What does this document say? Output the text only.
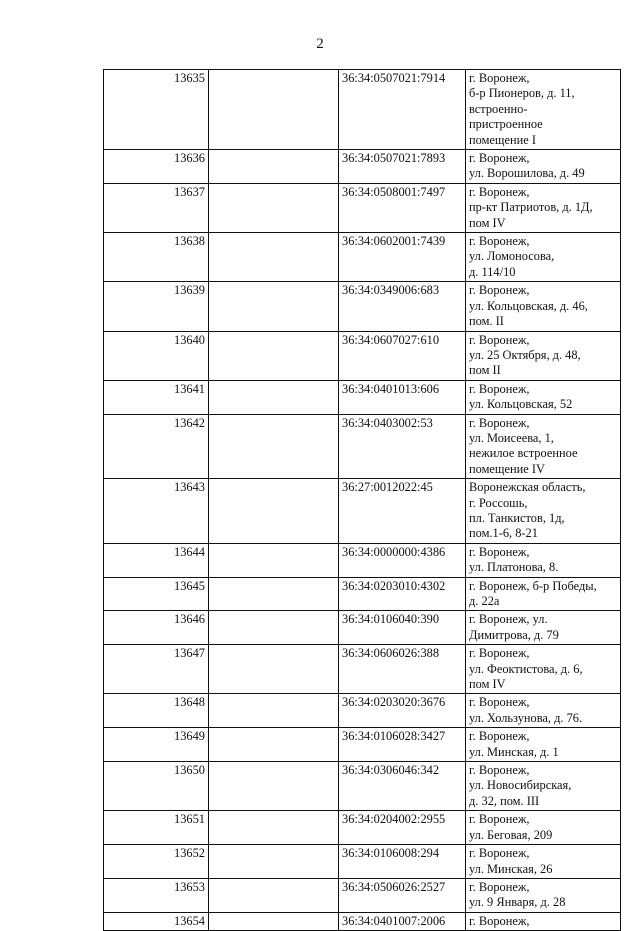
2
13635		36:34:0507021:7914	г. Воронеж,
б-р Пионеров, д. 11,
встроенно-
пристроенное
помещение I
13636		36:34:0507021:7893	г. Воронеж,
ул. Ворошилова, д. 49
13637		36:34:0508001:7497	г. Воронеж,
пр-кт Патриотов, д. 1Д,
пом IV
13638		36:34:0602001:7439	г. Воронеж,
ул. Ломоносова,
д. 114/10
13639		36:34:0349006:683	г. Воронеж,
ул. Кольцовская, д. 46,
пом. II
13640		36:34:0607027:610	г. Воронеж,
ул. 25 Октября, д. 48,
пом II
13641		36:34:0401013:606	г. Воронеж,
ул. Кольцовская, 52
13642		36:34:0403002:53	г. Воронеж,
ул. Моисеева, 1,
нежилое встроенное
помещение IV
13643		36:27:0012022:45	Воронежская область,
г. Россошь,
пл. Танкистов, 1д,
пом.1-6, 8-21
13644		36:34:0000000:4386	г. Воронеж,
ул. Платонова, 8.
13645		36:34:0203010:4302	г. Воронеж, б-р Победы,
д. 22а
13646		36:34:0106040:390	г. Воронеж, ул.
Димитрова, д. 79
13647		36:34:0606026:388	г. Воронеж,
ул. Феоктистова, д. 6,
пом IV
13648		36:34:0203020:3676	г. Воронеж,
ул. Хользунова, д. 76.
13649		36:34:0106028:3427	г. Воронеж,
ул. Минская, д. 1
13650		36:34:0306046:342	г. Воронеж,
ул. Новосибирская,
д. 32, пом. III
13651		36:34:0204002:2955	г. Воронеж,
ул. Беговая, 209
13652		36:34:0106008:294	г. Воронеж,
ул. Минская, 26
13653		36:34:0506026:2527	г. Воронеж,
ул. 9 Января, д. 28
13654		36:34:0401007:2006	г. Воронеж,
